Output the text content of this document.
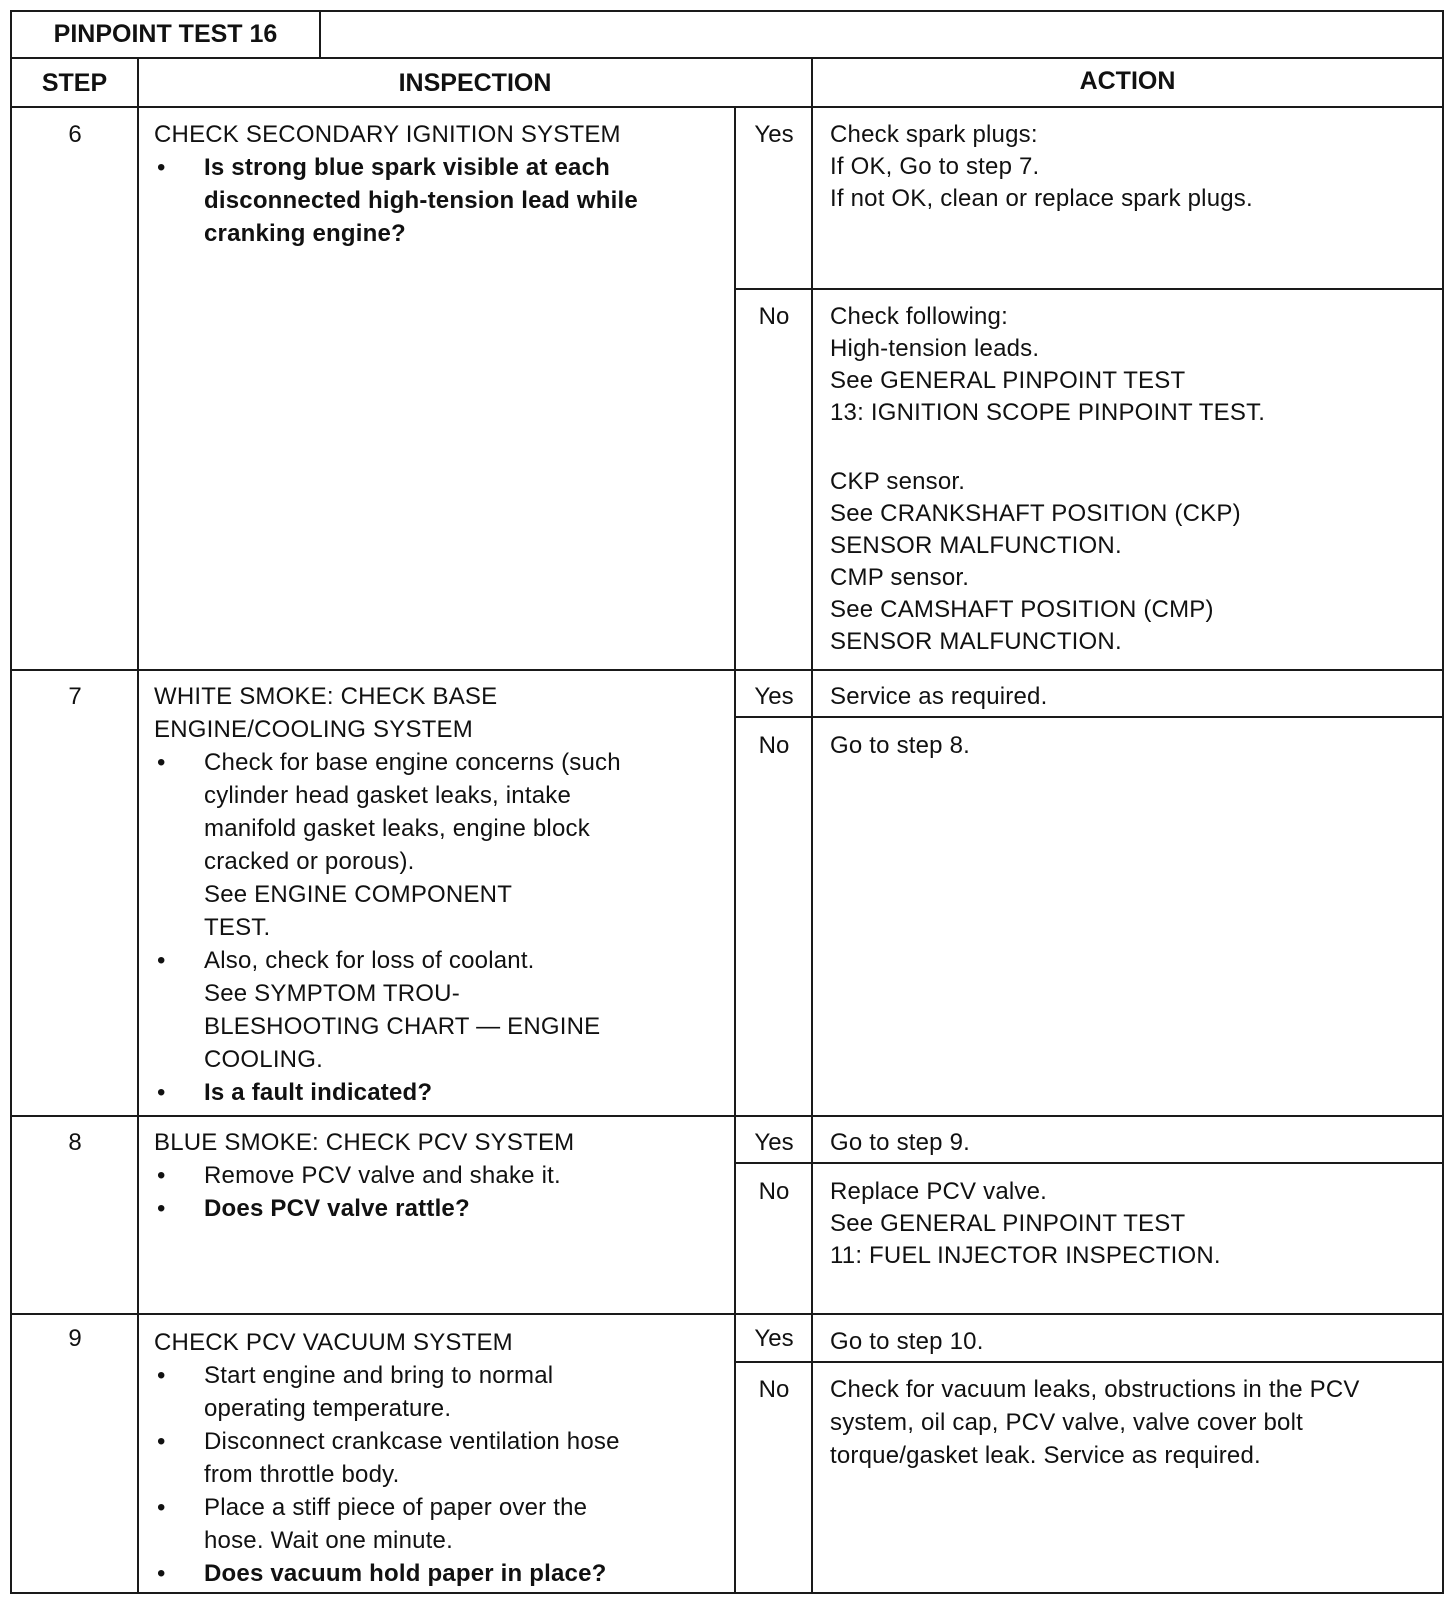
PINPOINT TEST 16
STEP	INSPECTION	ACTION
6	CHECK SECONDARY IGNITION SYSTEM
• Is strong blue spark visible at each
disconnected high-tension lead while
cranking engine?
Yes	Check spark plugs:
If OK, Go to step 7.
If not OK, clean or replace spark plugs.
No	Check following:
High-tension leads.
See GENERAL PINPOINT TEST
13: IGNITION SCOPE PINPOINT TEST.
CKP sensor.
See CRANKSHAFT POSITION (CKP)
SENSOR MALFUNCTION.
CMP sensor.
See CAMSHAFT POSITION (CMP)
SENSOR MALFUNCTION.
7	WHITE SMOKE: CHECK BASE
ENGINE/COOLING SYSTEM
• Check for base engine concerns (such
cylinder head gasket leaks, intake
manifold gasket leaks, engine block
cracked or porous).
See ENGINE COMPONENT
TEST.
• Also, check for loss of coolant.
See SYMPTOM TROU-
BLESHOOTING CHART — ENGINE
COOLING.
• Is a fault indicated?
Yes	Service as required.
No	Go to step 8.
8	BLUE SMOKE: CHECK PCV SYSTEM
• Remove PCV valve and shake it.
• Does PCV valve rattle?
Yes	Go to step 9.
No	Replace PCV valve.
See GENERAL PINPOINT TEST
11: FUEL INJECTOR INSPECTION.
9	CHECK PCV VACUUM SYSTEM
• Start engine and bring to normal
operating temperature.
• Disconnect crankcase ventilation hose
from throttle body.
• Place a stiff piece of paper over the
hose. Wait one minute.
• Does vacuum hold paper in place?
Yes	Go to step 10.
No	Check for vacuum leaks, obstructions in the PCV
system, oil cap, PCV valve, valve cover bolt
torque/gasket leak. Service as required.
